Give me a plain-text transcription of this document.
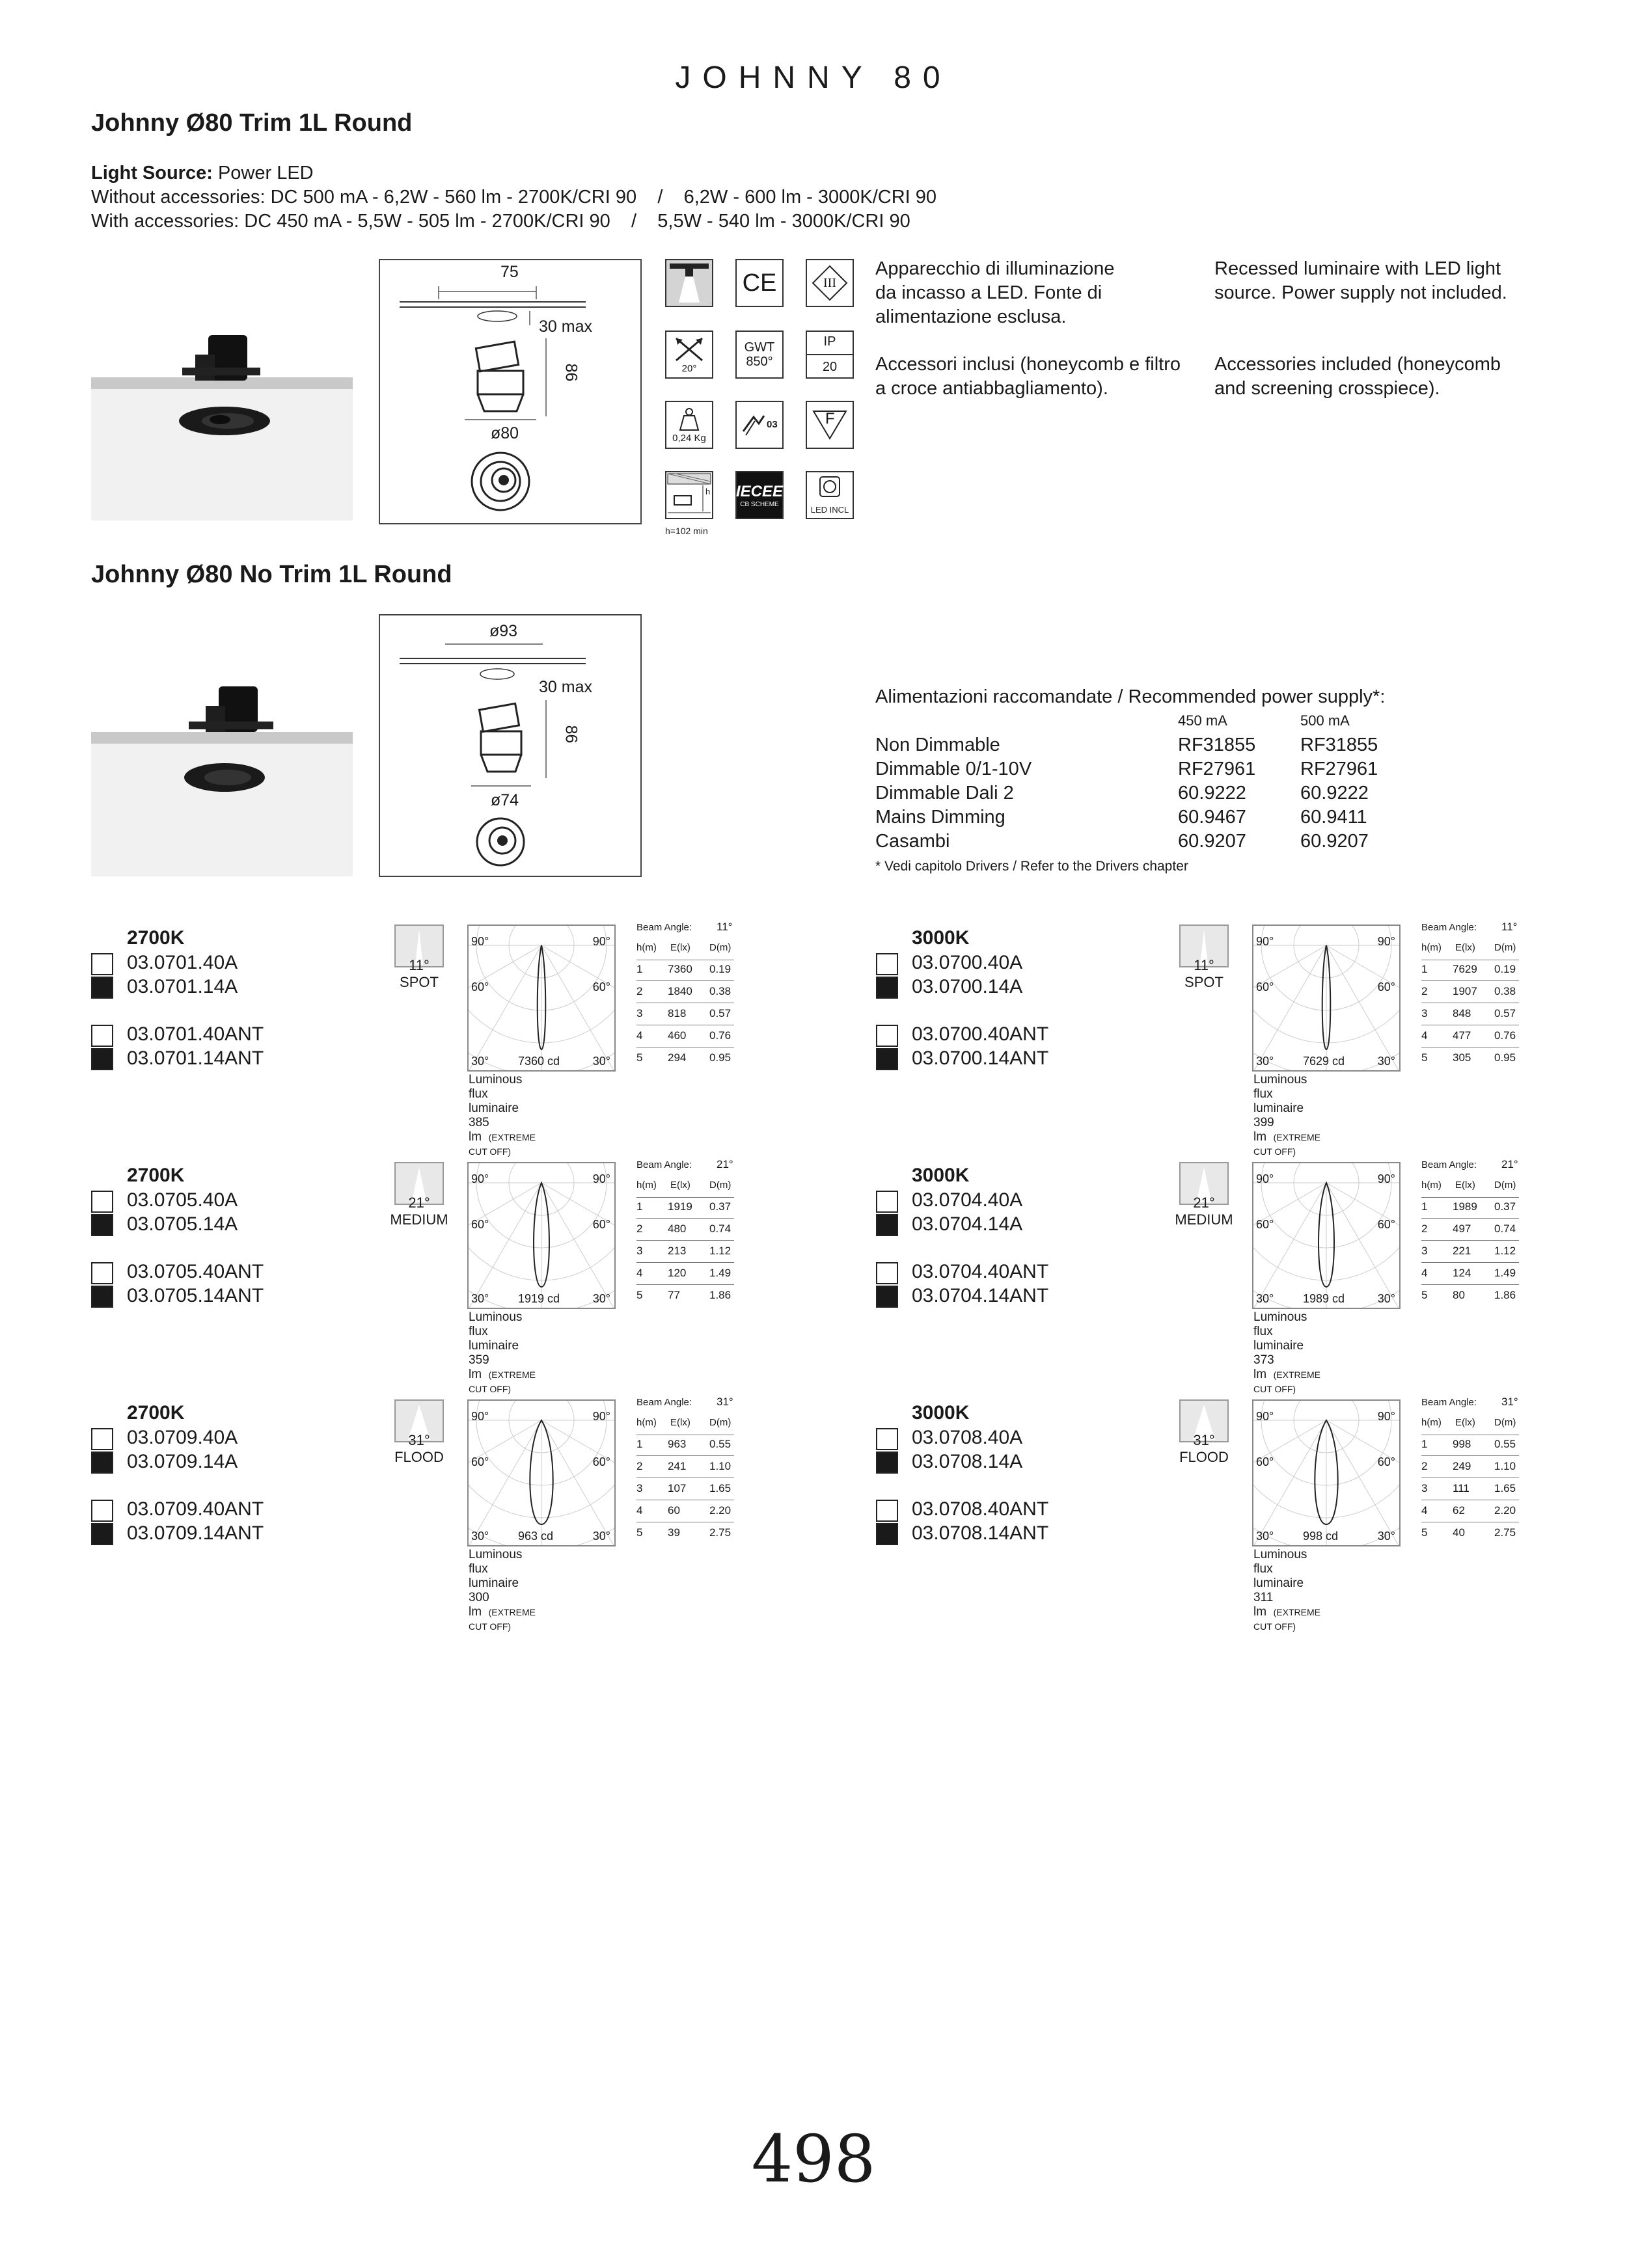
JOHNNY 80
Johnny Ø80 Trim 1L Round
Light Source: Power LED
Without accessories: DC 500 mA - 6,2W - 560 lm - 2700K/CRI 90    /    6,2W - 600 lm - 3000K/CRI 90
With accessories: DC 450 mA - 5,5W - 505 lm - 2700K/CRI 90    /    5,5W - 540 lm - 3000K/CRI 90
75
30 max
86
ø80
CE	III
20°
GWT
850°
IP
20
0,24 Kg
03	F
h
h=102 min
IECEE
CB SCHEME
LED INCL
Apparecchio di illuminazione
da incasso a LED. Fonte di
alimentazione esclusa.
Recessed luminaire with LED light
source. Power supply not included.
Accessori inclusi (honeycomb e filtro
a croce antiabbagliamento).
Accessories included (honeycomb
and screening crosspiece).
Johnny Ø80 No Trim 1L Round
ø93
30 max
86
ø74
Alimentazioni raccomandate / Recommended power supply*:
450 mA	500 mA
Non Dimmable	RF31855 RF31855
Dimmable 0/1-10V	RF27961 RF27961
Dimmable Dali 2	60.9222	60.9222
Mains Dimming	60.9467	60.9411
Casambi	60.9207	60.9207
* Vedi capitolo Drivers / Refer to the Drivers chapter
2700K
03.0701.40A
03.0701.14A
03.0701.40ANT
03.0701.14ANT
11°
SPOT
90°	90°
60°	60°
30°	30°
7360 cd
Luminous flux luminaire
385 lm (EXTREME CUT OFF)
Beam Angle: 11°
h(m) E(lx) D(m)
1 7360 0.19
2 1840 0.38
3 818 0.57
4 460 0.76
5 294 0.95
3000K
03.0700.40A
03.0700.14A
03.0700.40ANT
03.0700.14ANT
11°
SPOT
90°	90°
60°	60°
30°	30°
7629 cd
Luminous flux luminaire
399 lm (EXTREME CUT OFF)
Beam Angle: 11°
h(m) E(lx) D(m)
1 7629 0.19
2 1907 0.38
3 848 0.57
4 477 0.76
5 305 0.95
2700K
03.0705.40A
03.0705.14A
03.0705.40ANT
03.0705.14ANT
21°
MEDIUM
90°	90°
60°	60°
30°	30°
1919 cd
Luminous flux luminaire
359 lm (EXTREME CUT OFF)
Beam Angle: 21°
h(m) E(lx) D(m)
1 1919 0.37
2 480 0.74
3 213 1.12
4 120 1.49
5 77	1.86
3000K
03.0704.40A
03.0704.14A
03.0704.40ANT
03.0704.14ANT
21°
MEDIUM
90°	90°
60°	60°
30°	30°
1989 cd
Luminous flux luminaire
373 lm (EXTREME CUT OFF)
Beam Angle: 21°
h(m) E(lx) D(m)
1 1989 0.37
2 497 0.74
3 221 1.12
4 124 1.49
5 80	1.86
2700K
03.0709.40A
03.0709.14A
03.0709.40ANT
03.0709.14ANT
31°
FLOOD
90°	90°
60°	60°
30°	30°
963 cd
Luminous flux luminaire
300 lm (EXTREME CUT OFF)
Beam Angle: 31°
h(m) E(lx) D(m)
1 963 0.55
2 241 1.10
3 107 1.65
4 60	2.20
5 39	2.75
3000K
03.0708.40A
03.0708.14A
03.0708.40ANT
03.0708.14ANT
31°
FLOOD
90°	90°
60°	60°
30°	30°
998 cd
Luminous flux luminaire
311 lm (EXTREME CUT OFF)
Beam Angle: 31°
h(m) E(lx) D(m)
1 998 0.55
2 249 1.10
3 111 1.65
4 62	2.20
5 40	2.75
498
